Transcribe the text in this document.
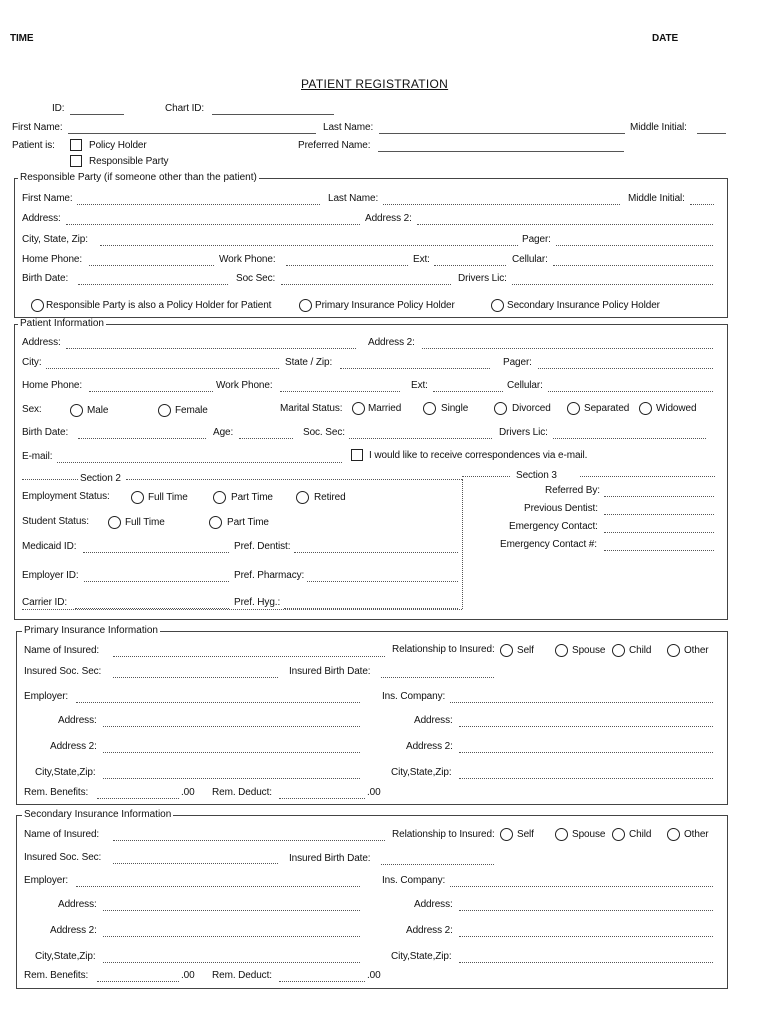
TIME	DATE
PATIENT REGISTRATION
ID:	Chart ID:
First Name:	Last Name:	Middle Initial:
Patient is:	Policy Holder
Responsible Party
Preferred Name:
Responsible Party (if someone other than the patient)
First Name:	Last Name:	Middle Initial:
Address:	Address 2:
City, State, Zip:	Pager:
Home Phone:	Work Phone:	Ext:	Cellular:
Birth Date:	Soc Sec:	Drivers Lic:
Responsible Party is also a Policy Holder for Patient	Primary Insurance Policy Holder	Secondary Insurance Policy Holder
Patient Information
Address:	Address 2:
City:	State / Zip:	Pager:
Home Phone:	Work Phone:	Ext:	Cellular:
Sex:	Male	Female	Marital Status:	Married	Single	Divorced	Separated	Widowed
Birth Date:	Age:	Soc. Sec:	Drivers Lic:
E-mail:	I would like to receive correspondences via e-mail.
Section 2
Employment Status:	Full Time	Part Time	Retired
Student Status:	Full Time	Part Time
Medicaid ID:	Pref. Dentist:
Employer ID:	Pref. Pharmacy:
Carrier ID:	Pref. Hyg.:
Section 3
Referred By:
Previous Dentist:
Emergency Contact:
Emergency Contact #:
Primary Insurance Information
Name of Insured:	Relationship to Insured: Self	Spouse Child	Other
Insured Soc. Sec:	Insured Birth Date:
Employer:	Ins. Company:
Address:	Address:
Address 2:	Address 2:
City,State,Zip:	City,State,Zip:
Rem. Benefits:	.00 Rem. Deduct:	.00
Secondary Insurance Information
Name of Insured:	Relationship to Insured: Self	Spouse Child	Other
Insured Soc. Sec:	Insured Birth Date:
Employer:	Ins. Company:
Address:	Address:
Address 2:	Address 2:
City,State,Zip:	City,State,Zip:
Rem. Benefits:	.00 Rem. Deduct:	.00
